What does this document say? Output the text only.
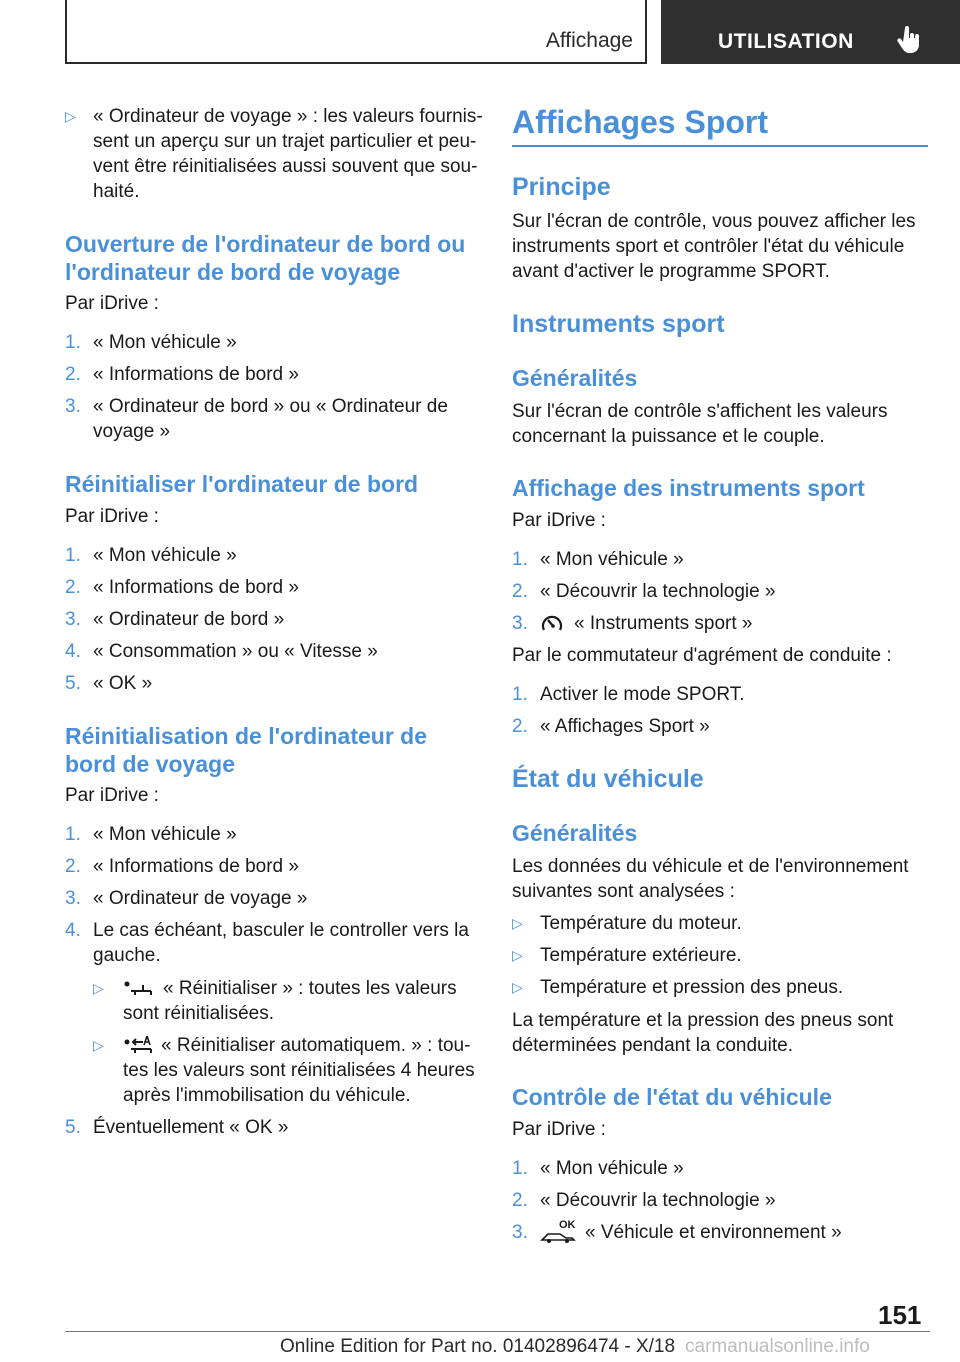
Affichage	UTILISATION
▷ « Ordinateur de voyage » : les valeurs fournis-
sent un aperçu sur un trajet particulier et peu-
vent être réinitialisées aussi souvent que sou-
haité.
Ouverture de l'ordinateur de bord ou
l'ordinateur de bord de voyage
Par iDrive :
1. « Mon véhicule »
2. « Informations de bord »
3. « Ordinateur de bord » ou « Ordinateur de
voyage »
Réinitialiser l'ordinateur de bord
Par iDrive :
1. « Mon véhicule »
2. « Informations de bord »
3. « Ordinateur de bord »
4. « Consommation » ou « Vitesse »
5. « OK »
Réinitialisation de l'ordinateur de
bord de voyage
Par iDrive :
1. « Mon véhicule »
2. « Informations de bord »
3. « Ordinateur de voyage »
4. Le cas échéant, basculer le controller vers la
gauche.
▷	« Réinitialiser » : toutes les valeurs
sont réinitialisées.
▷	« Réinitialiser automatiquem. » : tou-
tes les valeurs sont réinitialisées 4 heures
après l'immobilisation du véhicule.
5. Éventuellement « OK »
Affichages Sport
Principe
Sur l'écran de contrôle, vous pouvez afficher les
instruments sport et contrôler l'état du véhicule
avant d'activer le programme SPORT.
Instruments sport
Généralités
Sur l'écran de contrôle s'affichent les valeurs
concernant la puissance et le couple.
Affichage des instruments sport
Par iDrive :
1. « Mon véhicule »
2. « Découvrir la technologie »
3. « Instruments sport »
Par le commutateur d'agrément de conduite :
1. Activer le mode SPORT.
2. « Affichages Sport »
État du véhicule
Généralités
Les données du véhicule et de l'environnement
suivantes sont analysées :
▷ Température du moteur.
▷ Température extérieure.
▷ Température et pression des pneus.
La température et la pression des pneus sont
déterminées pendant la conduite.
Contrôle de l'état du véhicule
Par iDrive :
1. « Mon véhicule »
2. « Découvrir la technologie »
3.	OK « Véhicule et environnement »
151
Online Edition for Part no. 01402896474 - X/18 carmanualsonline.info
